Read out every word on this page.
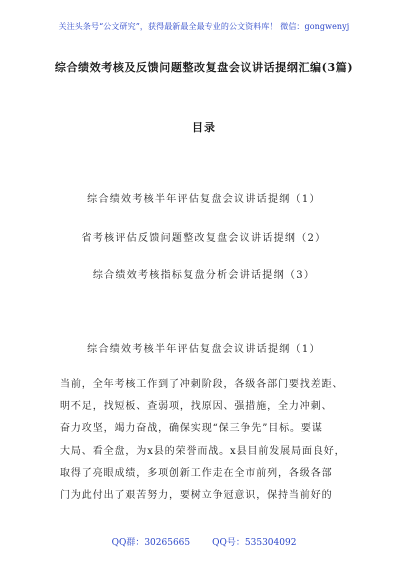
关注头条号“公文研究”，获得最新最全最专业的公文资料库！ 微信：gongwenyj
综合绩效考核及反馈问题整改复盘会议讲话提纲汇编(3篇)
目录
综合绩效考核半年评估复盘会议讲话提纲（1）
省考核评估反馈问题整改复盘会议讲话提纲（2）
综合绩效考核指标复盘分析会讲话提纲（3）
综合绩效考核半年评估复盘会议讲话提纲（1）
当前，全年考核工作到了冲刺阶段，各级各部门要找差距、
明不足，找短板、查弱项，找原因、强措施，全力冲刺、
奋力攻坚，竭力奋战，确保实现“保三争先”目标。要谋
大局、看全盘，为x县的荣誉而战。x县目前发展局面良好，
取得了亮眼成绩，多项创新工作走在全市前列，各级各部
门为此付出了艰苦努力，要树立争冠意识，保持当前好的
QQ群：30265665 QQ号：535304092
